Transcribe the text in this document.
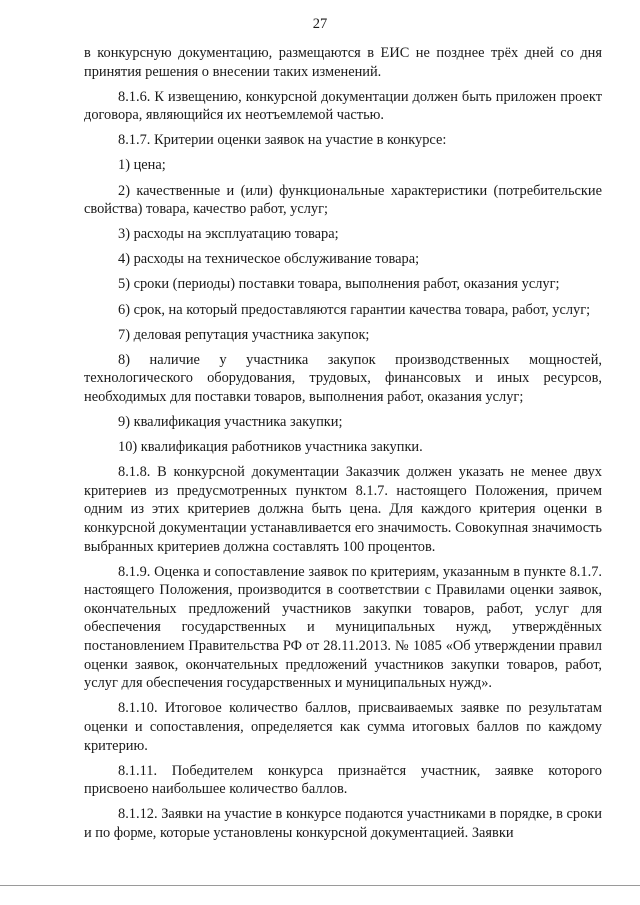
27

в конкурсную документацию, размещаются в ЕИС не позднее трёх дней со дня принятия решения о внесении таких изменений.

8.1.6. К извещению, конкурсной документации должен быть приложен проект договора, являющийся их неотъемлемой частью.

8.1.7. Критерии оценки заявок на участие в конкурсе:

1) цена;

2) качественные и (или) функциональные характеристики (потребительские свойства) товара, качество работ, услуг;

3) расходы на эксплуатацию товара;

4) расходы на техническое обслуживание товара;

5) сроки (периоды) поставки товара, выполнения работ, оказания услуг;

6) срок, на который предоставляются гарантии качества товара, работ, услуг;

7) деловая репутация участника закупок;

8) наличие у участника закупок производственных мощностей, технологического оборудования, трудовых, финансовых и иных ресурсов, необходимых для поставки товаров, выполнения работ, оказания услуг;

9) квалификация участника закупки;

10) квалификация работников участника закупки.

8.1.8. В конкурсной документации Заказчик должен указать не менее двух критериев из предусмотренных пунктом 8.1.7. настоящего Положения, причем одним из этих критериев должна быть цена. Для каждого критерия оценки в конкурсной документации устанавливается его значимость. Совокупная значимость выбранных критериев должна составлять 100 процентов.

8.1.9. Оценка и сопоставление заявок по критериям, указанным в пункте 8.1.7. настоящего Положения, производится в соответствии с Правилами оценки заявок, окончательных предложений участников закупки товаров, работ, услуг для обеспечения государственных и муниципальных нужд, утверждённых постановлением Правительства РФ от 28.11.2013. № 1085 «Об утверждении правил оценки заявок, окончательных предложений участников закупки товаров, работ, услуг для обеспечения государственных и муниципальных нужд».

8.1.10. Итоговое количество баллов, присваиваемых заявке по результатам оценки и сопоставления, определяется как сумма итоговых баллов по каждому критерию.

8.1.11. Победителем конкурса признаётся участник, заявке которого присвоено наибольшее количество баллов.

8.1.12. Заявки на участие в конкурсе подаются участниками в порядке, в сроки и по форме, которые установлены конкурсной документацией. Заявки
